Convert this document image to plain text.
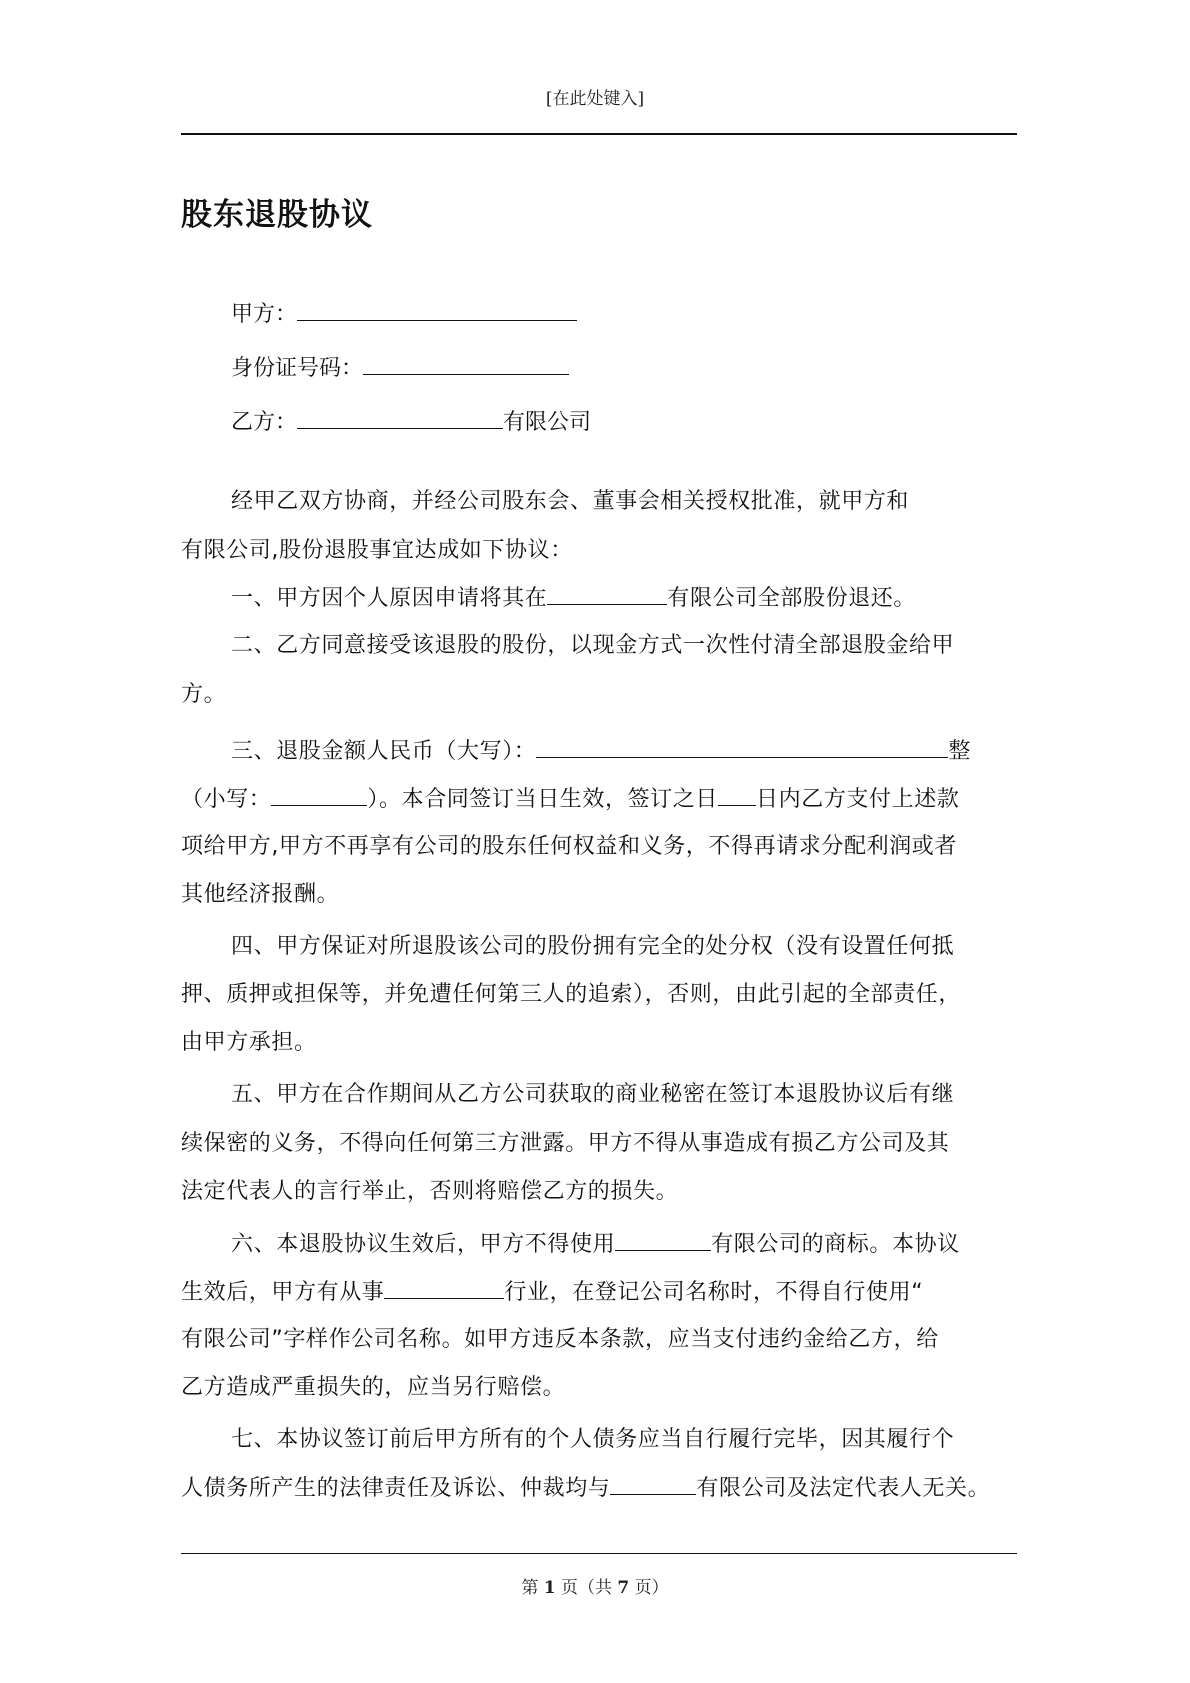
[在此处键入]
股东退股协议
甲方：
身份证号码：
乙方：	有限公司
经甲乙双方协商，并经公司股东会、董事会相关授权批准，就甲方和
有限公司,股份退股事宜达成如下协议：
一、甲方因个人原因申请将其在	有限公司全部股份退还。
二、乙方同意接受该退股的股份，以现金方式一次性付清全部退股金给甲
方。
三、退股金额人民币（大写）：	整
（小写：	）。本合同签订当日生效，签订之日 日内乙方支付上述款
项给甲方,甲方不再享有公司的股东任何权益和义务，不得再请求分配利润或者
其他经济报酬。
四、甲方保证对所退股该公司的股份拥有完全的处分权（没有设置任何抵
押、质押或担保等，并免遭任何第三人的追索），否则，由此引起的全部责任，
由甲方承担。
五、甲方在合作期间从乙方公司获取的商业秘密在签订本退股协议后有继
续保密的义务，不得向任何第三方泄露。甲方不得从事造成有损乙方公司及其
法定代表人的言行举止，否则将赔偿乙方的损失。
六、本退股协议生效后，甲方不得使用	有限公司的商标。本协议
生效后，甲方有从事	行业，在登记公司名称时，不得自行使用“
有限公司”字样作公司名称。如甲方违反本条款，应当支付违约金给乙方，给
乙方造成严重损失的，应当另行赔偿。
七、本协议签订前后甲方所有的个人债务应当自行履行完毕，因其履行个
人债务所产生的法律责任及诉讼、仲裁均与	有限公司及法定代表人无关。
第 1 页（共 7 页）
